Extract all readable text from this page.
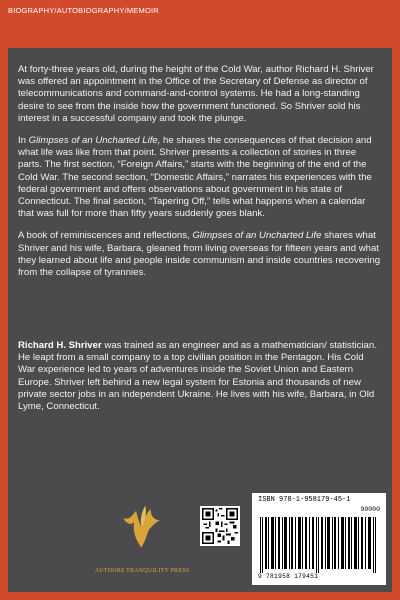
BIOGRAPHY/AUTOBIOGRAPHY/MEMOIR

At forty-three years old, during the height of the Cold War, author Richard H. Shriver was offered an appointment in the Office of the Secretary of Defense as director of telecommunications and command-and-control systems. He had a long-standing desire to see from the inside how the government functioned. So Shriver sold his interest in a successful company and took the plunge.

In Glimpses of an Uncharted Life, he shares the consequences of that decision and what life was like from that point. Shriver presents a collection of stories in three parts. The first section, “Foreign Affairs,” starts with the beginning of the end of the Cold War. The second section, “Domestic Affairs,” narrates his experiences with the federal government and offers observations about government in his state of Connecticut. The final section, “Tapering Off,” tells what happens when a calendar that was full for more than fifty years suddenly goes blank.

A book of reminiscences and reflections, Glimpses of an Uncharted Life shares what Shriver and his wife, Barbara, gleaned from living overseas for fifteen years and what they learned about life and people inside communism and inside countries recovering from the collapse of tyrannies.

Richard H. Shriver was trained as an engineer and as a mathematician/ statistician. He leapt from a small company to a top civilian position in the Pentagon. His Cold War experience led to years of adventures inside the Soviet Union and Eastern Europe. Shriver left behind a new legal system for Estonia and thousands of new private sector jobs in an independent Ukraine. He lives with his wife, Barbara, in Old Lyme, Connecticut.
AUTHORS TRANQUILITY PRESS
ISBN 978-1-958179-45-1
90000
9 781958 179451
